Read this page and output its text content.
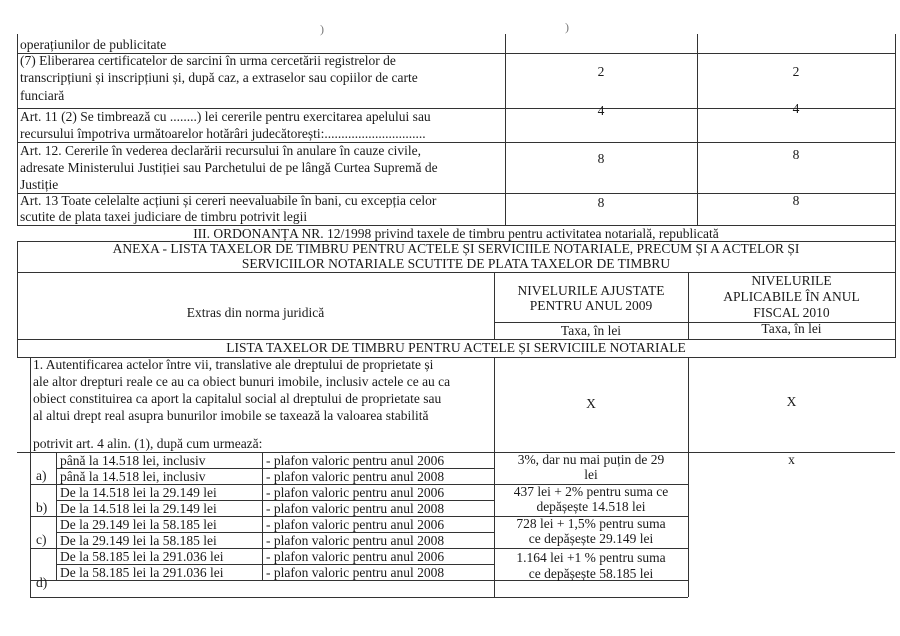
)	)
operațiunilor de publicitate
(7) Eliberarea certificatelor de sarcini în urma cercetării registrelor de
transcripțiuni și inscripțiuni și, după caz, a extraselor sau copiilor de carte
funciară
2	2
Art. 11 (2) Se timbrează cu ........) lei cererile pentru exercitarea apelului sau
recursului împotriva următoarelor hotărâri judecătorești:..............................
4	4
Art. 12. Cererile în vederea declarării recursului în anulare în cauze civile,
adresate Ministerului Justiției sau Parchetului de pe lângă Curtea Supremă de
Justiție
8	8
Art. 13 Toate celelalte acțiuni și cereri neevaluabile în bani, cu excepția celor
scutite de plata taxei judiciare de timbru potrivit legii
8	8
III. ORDONANȚA NR. 12/1998 privind taxele de timbru pentru activitatea notarială, republicată
ANEXA - LISTA TAXELOR DE TIMBRU PENTRU ACTELE ȘI SERVICIILE NOTARIALE, PRECUM ȘI A ACTELOR ȘI
SERVICIILOR NOTARIALE SCUTITE DE PLATA TAXELOR DE TIMBRU
Extras din norma juridică
NIVELURILE AJUSTATE
PENTRU ANUL 2009
NIVELURILE
APLICABILE ÎN ANUL
FISCAL 2010
Taxa, în lei	Taxa, în lei
LISTA TAXELOR DE TIMBRU PENTRU ACTELE ȘI SERVICIILE NOTARIALE
1. Autentificarea actelor între vii, translative ale dreptului de proprietate și
ale altor drepturi reale ce au ca obiect bunuri imobile, inclusiv actele ce au ca
obiect constituirea ca aport la capitalul social al dreptului de proprietate sau
al altui drept real asupra bunurilor imobile se taxează la valoarea stabilită
potrivit art. 4 alin. (1), după cum urmează:
X	X
a)
până la 14.518 lei, inclusiv	- plafon valoric pentru anul 2006
până la 14.518 lei, inclusiv	- plafon valoric pentru anul 2008
3%, dar nu mai puțin de 29
lei
x
b)
De la 14.518 lei la 29.149 lei	- plafon valoric pentru anul 2006
De la 14.518 lei la 29.149 lei	- plafon valoric pentru anul 2008
437 lei + 2% pentru suma ce
depășește 14.518 lei
c)
De la 29.149 lei la 58.185 lei	- plafon valoric pentru anul 2006
De la 29.149 lei la 58.185 lei	- plafon valoric pentru anul 2008
728 lei + 1,5% pentru suma
ce depășește 29.149 lei
d)
De la 58.185 lei la 291.036 lei	- plafon valoric pentru anul 2006
De la 58.185 lei la 291.036 lei	- plafon valoric pentru anul 2008
1.164 lei +1 % pentru suma
ce depășește 58.185 lei
